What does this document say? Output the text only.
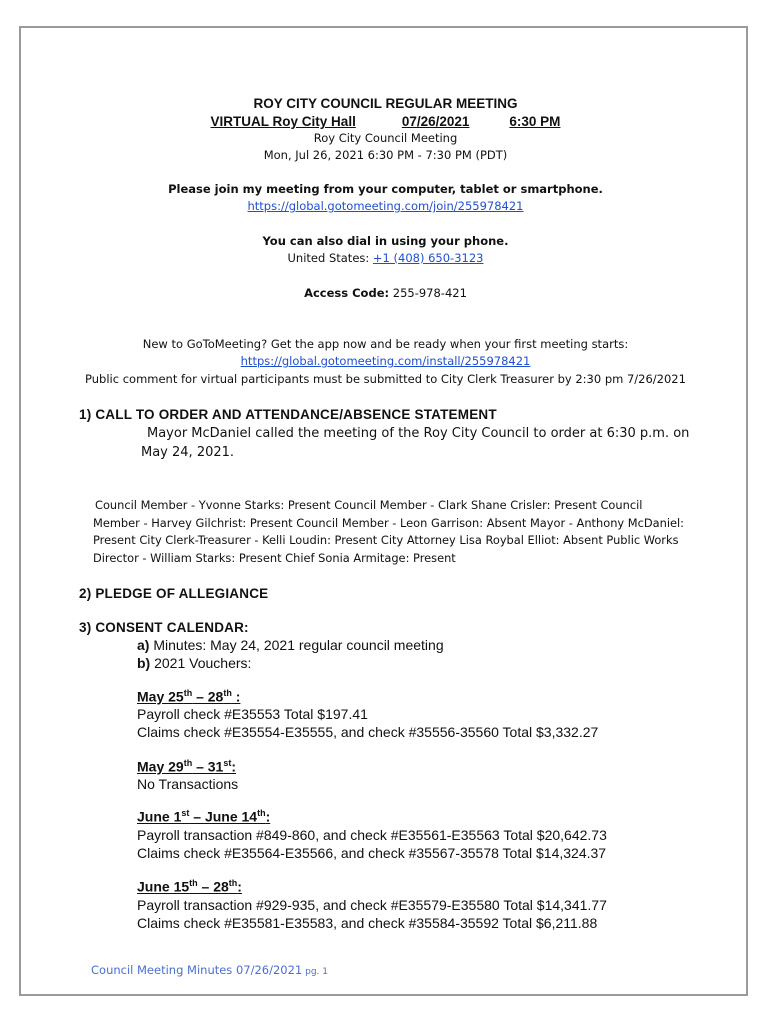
ROY CITY COUNCIL REGULAR MEETING
VIRTUAL Roy City Hall	07/26/2021	6:30 PM
Roy City Council Meeting
Mon, Jul 26, 2021 6:30 PM - 7:30 PM (PDT)
Please join my meeting from your computer, tablet or smartphone.
https://global.gotomeeting.com/join/255978421
You can also dial in using your phone.
United States: +1 (408) 650-3123
Access Code: 255-978-421
New to GoToMeeting? Get the app now and be ready when your first meeting starts:
https://global.gotomeeting.com/install/255978421
Public comment for virtual participants must be submitted to City Clerk Treasurer by 2:30 pm 7/26/2021
1) CALL TO ORDER AND ATTENDANCE/ABSENCE STATEMENT
Mayor McDaniel called the meeting of the Roy City Council to order at 6:30 p.m. on
May 24, 2021.
Council Member - Yvonne Starks: Present Council Member - Clark Shane Crisler: Present Council
Member - Harvey Gilchrist: Present Council Member - Leon Garrison: Absent Mayor - Anthony McDaniel:
Present City Clerk-Treasurer - Kelli Loudin: Present City Attorney Lisa Roybal Elliot: Absent Public Works
Director - William Starks: Present Chief Sonia Armitage: Present
2) PLEDGE OF ALLEGIANCE
3) CONSENT CALENDAR:
a) Minutes: May 24, 2021 regular council meeting
b) 2021 Vouchers:
May 25th – 28th :
Payroll check #E35553 Total $197.41
Claims check #E35554-E35555, and check #35556-35560 Total $3,332.27
May 29th – 31st:
No Transactions
June 1st – June 14th:
Payroll transaction #849-860, and check #E35561-E35563 Total $20,642.73
Claims check #E35564-E35566, and check #35567-35578 Total $14,324.37
June 15th – 28th:
Payroll transaction #929-935, and check #E35579-E35580 Total $14,341.77
Claims check #E35581-E35583, and check #35584-35592 Total $6,211.88
Council Meeting Minutes 07/26/2021 pg. 1
